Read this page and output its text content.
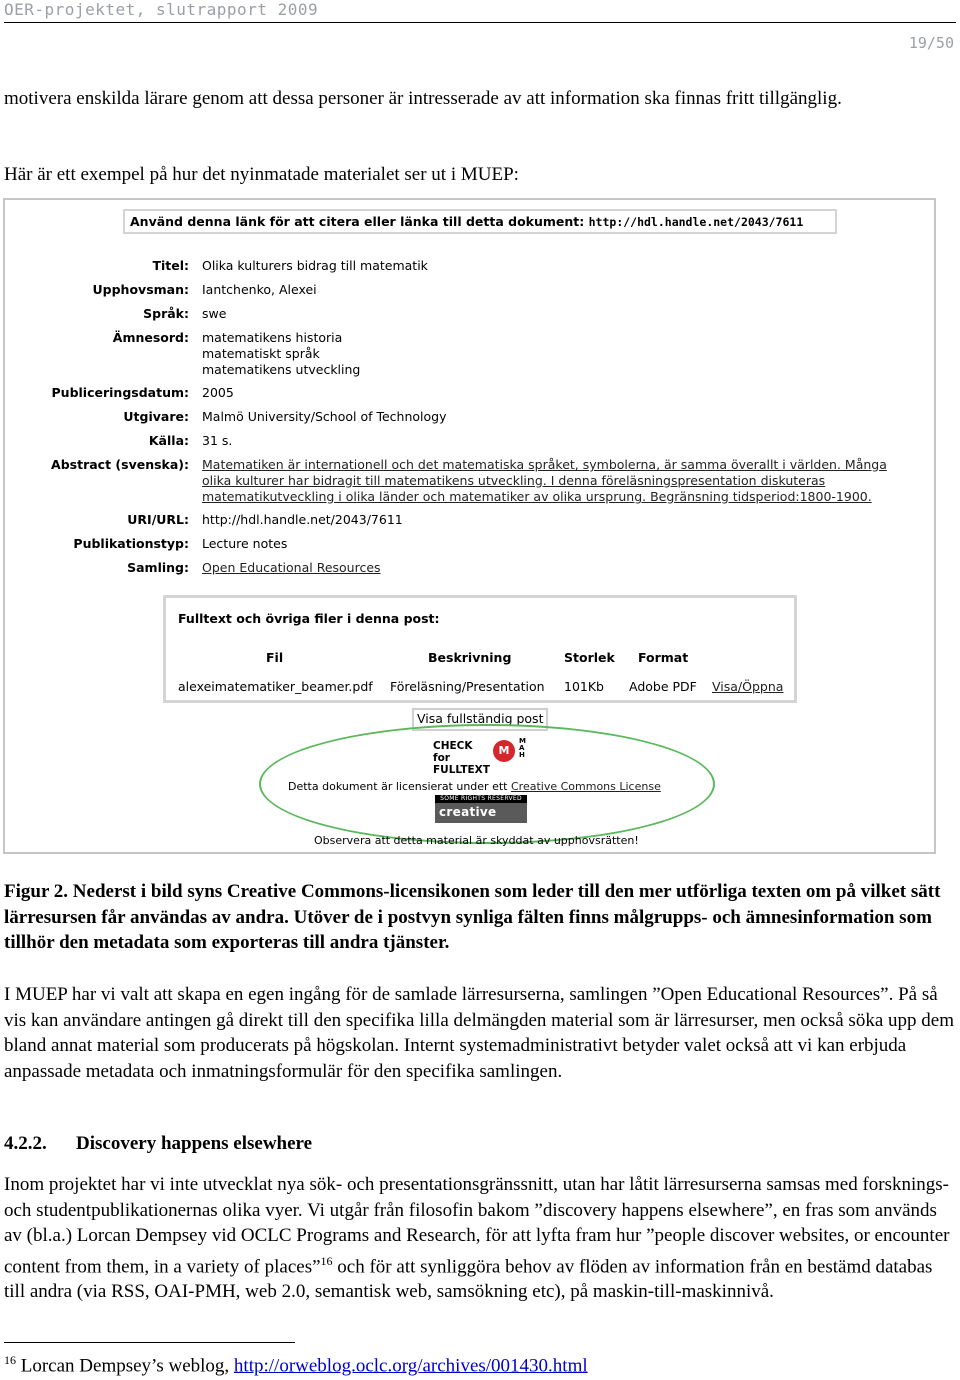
OER-projektet, slutrapport 2009
19/50
motivera enskilda lärare genom att dessa personer är intresserade av att information ska finnas fritt tillgänglig.
Här är ett exempel på hur det nyinmatade materialet ser ut i MUEP:
Använd denna länk för att citera eller länka till detta dokument: http://hdl.handle.net/2043/7611
Titel: Olika kulturers bidrag till matematik
Upphovsman: Iantchenko, Alexei
Språk: swe
Ämnesord: matematikens historia
matematiskt språk
matematikens utveckling
Publiceringsdatum: 2005
Utgivare: Malmö University/School of Technology
Källa: 31 s.
Abstract (svenska): Matematiken är internationell och det matematiska språket, symbolerna, är samma överallt i världen. Många
olika kulturer har bidragit till matematikens utveckling. I denna föreläsningspresentation diskuteras
matematikutveckling i olika länder och matematiker av olika ursprung. Begränsning tidsperiod:1800-1900.
URI/URL: http://hdl.handle.net/2043/7611
Publikationstyp: Lecture notes
Samling: Open Educational Resources
Fulltext och övriga filer i denna post:
Fil	Beskrivning	Storlek Format
alexeimatematiker_beamer.pdf Föreläsning/Presentation 101Kb Adobe PDF Visa/Öppna
Visa fullständig post
CHECK for FULLTEXT
M
M A H
Detta dokument är licensierat under ett Creative Commons License
SOME RIGHTS RESERVED
creative commons
Observera att detta material är skyddat av upphovsrätten!
Figur 2. Nederst i bild syns Creative Commons-licensikonen som leder till den mer utförliga texten om på vilket sätt lärresursen får användas av andra. Utöver de i postvyn synliga fälten finns målgrupps- och ämnesinformation som tillhör den metadata som exporteras till andra tjänster.
I MUEP har vi valt att skapa en egen ingång för de samlade lärresurserna, samlingen ”Open Educational Resources”. På så vis kan användare antingen gå direkt till den specifika lilla delmängden material som är lärresurser, men också söka upp dem bland annat material som producerats på högskolan. Internt systemadministrativt betyder valet också att vi kan erbjuda anpassade metadata och inmatningsformulär för den specifika samlingen.
4.2.2. Discovery happens elsewhere
Inom projektet har vi inte utvecklat nya sök- och presentationsgränssnitt, utan har låtit lärresurserna samsas med forsknings- och studentpublikationernas olika vyer. Vi utgår från filosofin bakom ”discovery happens elsewhere”, en fras som används av (bl.a.) Lorcan Dempsey vid OCLC Programs and Research, för att lyfta fram hur ”people discover websites, or encounter content from them, in a variety of places”$^{16}$ och för att synliggöra behov av flöden av information från en bestämd databas till andra (via RSS, OAI-PMH, web 2.0, semantisk web, samsökning etc), på maskin-till-maskinnivå.
$^{16}$ Lorcan Dempsey’s weblog, http://orweblog.oclc.org/archives/001430.html
